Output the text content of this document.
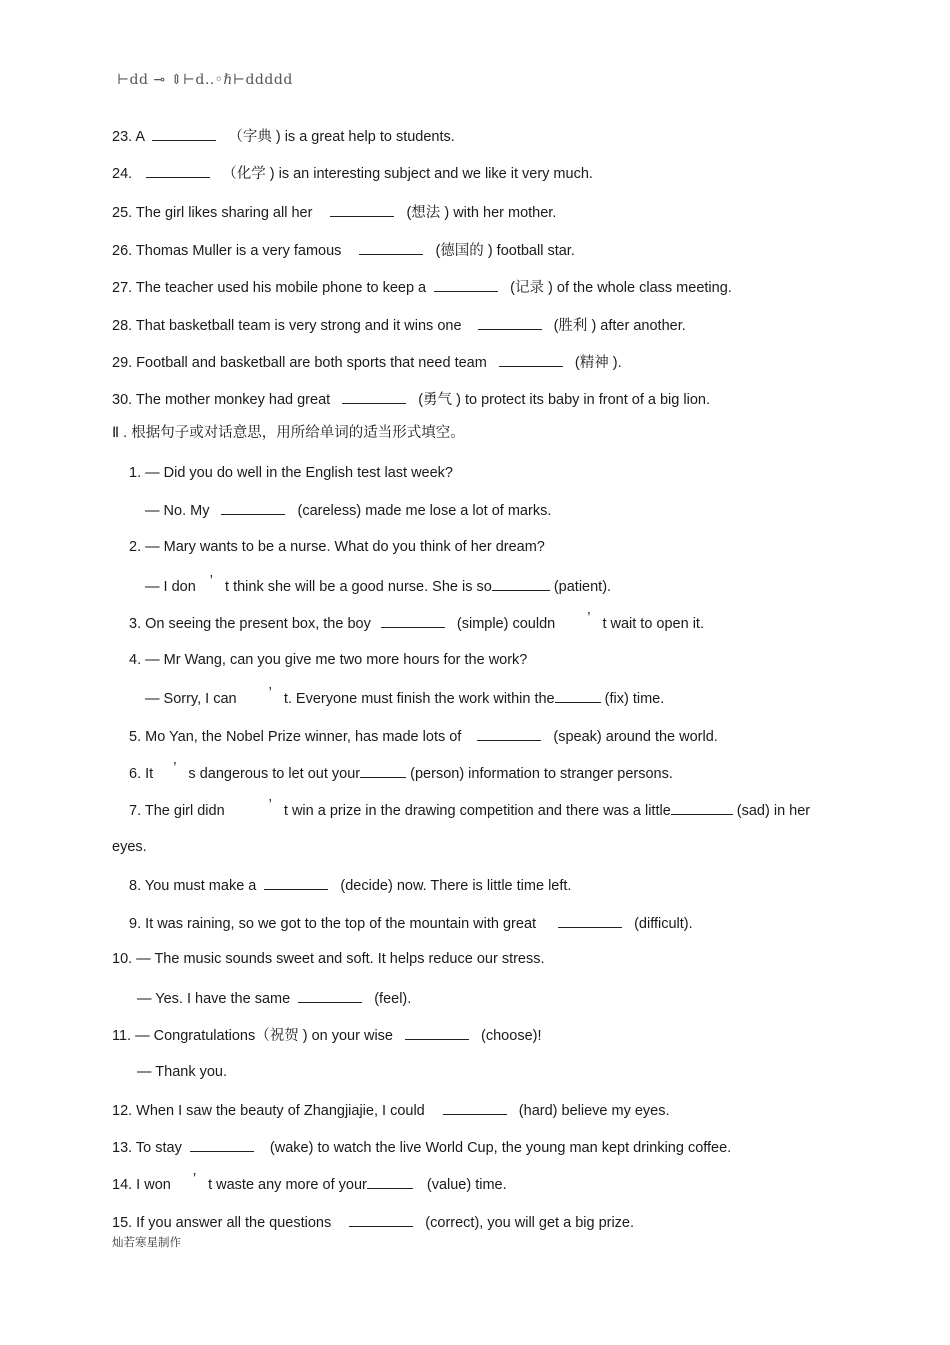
⊢dd ⊸ ⇕⊢d‥◦ℏ⊢ddddd
23. A	（字典 ) is a great help to students.
24.	（化学 ) is an interesting subject and we like it very much.
25. The girl likes sharing all her	(想法 ) with her mother.
26. Thomas Muller is a very famous	(德国的 ) football star.
27. The teacher used his mobile phone to keep a	(记录 ) of the whole class meeting.
28. That basketball team is very strong and it wins one	(胜利 ) after another.
29. Football and basketball are both sports that need team	(精神 ).
30. The mother monkey had great	(勇气 ) to protect its baby in front of a big lion.
Ⅱ . 根据句子或对话意思，用所给单词的适当形式填空。
1. — Did you do well in the English test last week?
— No. My	(careless) made me lose a lot of marks.
2. — Mary wants to be a nurse. What do you think of her dream?
— I don ’ t think she will be a good nurse. She is so	(patient).
3. On seeing the present box, the boy	(simple) couldn ’ t wait to open it.
4. — Mr Wang, can you give me two more hours for the work?
— Sorry, I can ’ t. Everyone must finish the work within the	(fix) time.
5. Mo Yan, the Nobel Prize winner, has made lots of	(speak) around the world.
6. It ’ s dangerous to let out your	(person) information to stranger persons.
7. The girl didn	’ t win a prize in the drawing competition and there was a little	(sad) in her
eyes.
8. You must make a	(decide) now. There is little time left.
9. It was raining, so we got to the top of the mountain with great	(difficult).
10. — The music sounds sweet and soft. It helps reduce our stress.
— Yes. I have the same	(feel).
11. — Congratulations（祝贺 ) on your wise	(choose)!
— Thank you.
12. When I saw the beauty of Zhangjiajie, I could	(hard) believe my eyes.
13. To stay	(wake) to watch the live World Cup, the young man kept drinking coffee.
14. I won ’ t waste any more of your	(value) time.
15. If you answer all the questions	(correct), you will get a big prize.
灿若寒星制作
